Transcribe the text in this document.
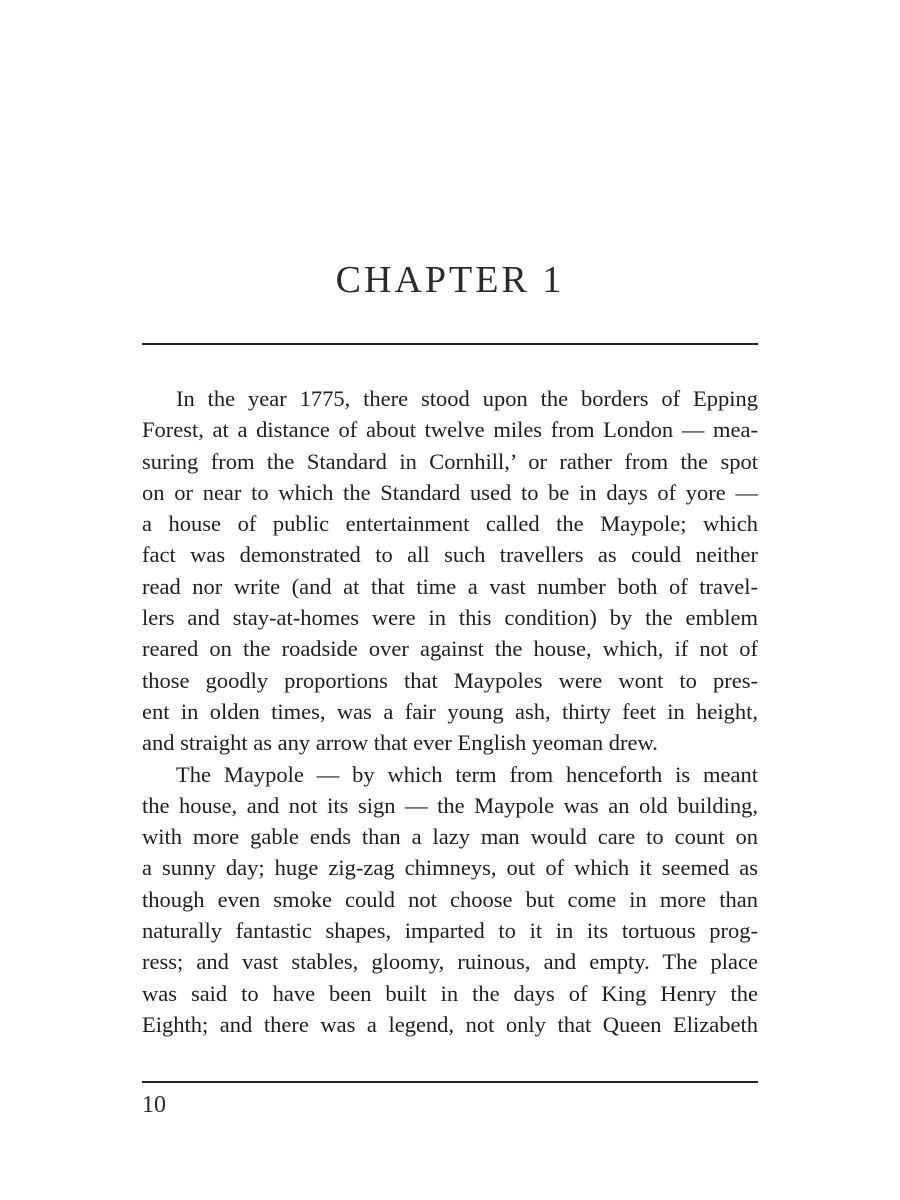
CHAPTER 1
In the year 1775, there stood upon the borders of Epping
Forest, at a distance of about twelve miles from London — mea-
suring from the Standard in Cornhill,’ or rather from the spot
on or near to which the Standard used to be in days of yore —
a house of public entertainment called the Maypole; which
fact was demonstrated to all such travellers as could neither
read nor write (and at that time a vast number both of travel-
lers and stay-at-homes were in this condition) by the emblem
reared on the roadside over against the house, which, if not of
those goodly proportions that Maypoles were wont to pres-
ent in olden times, was a fair young ash, thirty feet in height,
and straight as any arrow that ever English yeoman drew.
The Maypole — by which term from henceforth is meant
the house, and not its sign — the Maypole was an old building,
with more gable ends than a lazy man would care to count on
a sunny day; huge zig-zag chimneys, out of which it seemed as
though even smoke could not choose but come in more than
naturally fantastic shapes, imparted to it in its tortuous prog-
ress; and vast stables, gloomy, ruinous, and empty. The place
was said to have been built in the days of King Henry the
Eighth; and there was a legend, not only that Queen Elizabeth
10
